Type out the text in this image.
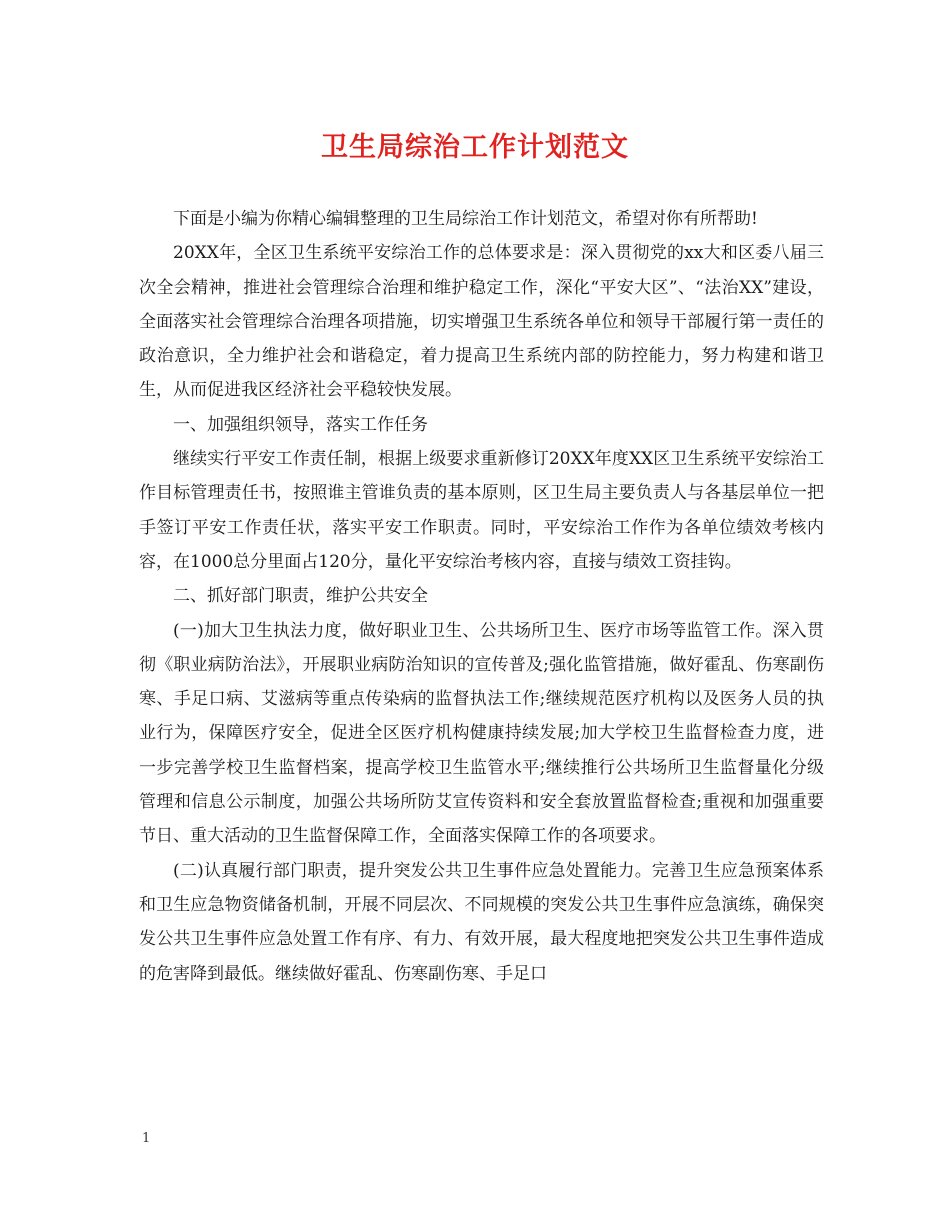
卫生局综治工作计划范文

下面是小编为你精心编辑整理的卫生局综治工作计划范文，希望对你有所帮助!

20XX年，全区卫生系统平安综治工作的总体要求是：深入贯彻党的xx大和区委八届三次全会精神，推进社会管理综合治理和维护稳定工作，深化“平安大区”、“法治XX”建设，全面落实社会管理综合治理各项措施，切实增强卫生系统各单位和领导干部履行第一责任的政治意识，全力维护社会和谐稳定，着力提高卫生系统内部的防控能力，努力构建和谐卫生，从而促进我区经济社会平稳较快发展。

一、加强组织领导，落实工作任务

继续实行平安工作责任制，根据上级要求重新修订20XX年度XX区卫生系统平安综治工作目标管理责任书，按照谁主管谁负责的基本原则，区卫生局主要负责人与各基层单位一把手签订平安工作责任状，落实平安工作职责。同时，平安综治工作作为各单位绩效考核内容，在1000总分里面占120分，量化平安综治考核内容，直接与绩效工资挂钩。

二、抓好部门职责，维护公共安全

(一)加大卫生执法力度，做好职业卫生、公共场所卫生、医疗市场等监管工作。深入贯彻《职业病防治法》，开展职业病防治知识的宣传普及;强化监管措施，做好霍乱、伤寒副伤寒、手足口病、艾滋病等重点传染病的监督执法工作;继续规范医疗机构以及医务人员的执业行为，保障医疗安全，促进全区医疗机构健康持续发展;加大学校卫生监督检查力度，进一步完善学校卫生监督档案，提高学校卫生监管水平;继续推行公共场所卫生监督量化分级管理和信息公示制度，加强公共场所防艾宣传资料和安全套放置监督检查;重视和加强重要节日、重大活动的卫生监督保障工作，全面落实保障工作的各项要求。

(二)认真履行部门职责，提升突发公共卫生事件应急处置能力。完善卫生应急预案体系和卫生应急物资储备机制，开展不同层次、不同规模的突发公共卫生事件应急演练，确保突发公共卫生事件应急处置工作有序、有力、有效开展，最大程度地把突发公共卫生事件造成的危害降到最低。继续做好霍乱、伤寒副伤寒、手足口

1
